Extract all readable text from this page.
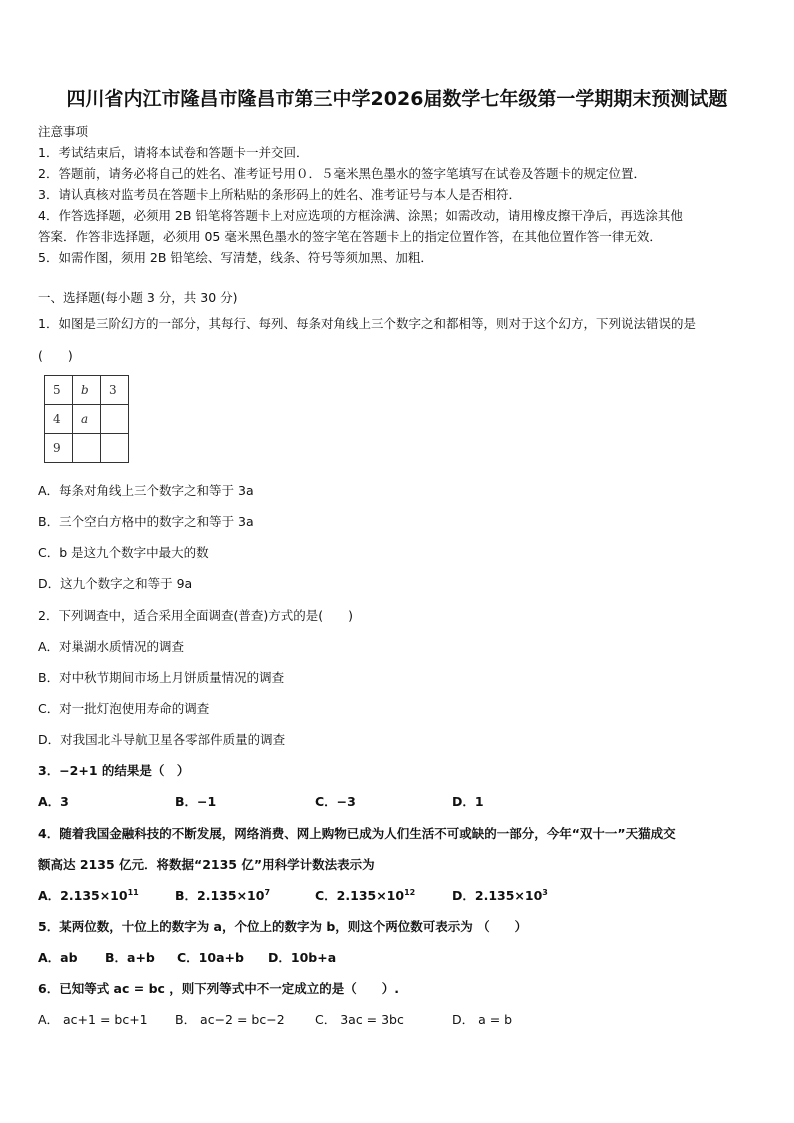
四川省内江市隆昌市隆昌市第三中学2026届数学七年级第一学期期末预测试题
注意事项
1．考试结束后，请将本试卷和答题卡一并交回．
2．答题前，请务必将自己的姓名、准考证号用０．５毫米黑色墨水的签字笔填写在试卷及答题卡的规定位置．
3．请认真核对监考员在答题卡上所粘贴的条形码上的姓名、准考证号与本人是否相符．
4．作答选择题，必须用 2B 铅笔将答题卡上对应选项的方框涂满、涂黑；如需改动，请用橡皮擦干净后，再选涂其他
答案．作答非选择题，必须用 05 毫米黑色墨水的签字笔在答题卡上的指定位置作答，在其他位置作答一律无效．
5．如需作图，须用 2B 铅笔绘、写清楚，线条、符号等须加黑、加粗．
一、选择题(每小题 3 分，共 30 分)
1．如图是三阶幻方的一部分，其每行、每列、每条对角线上三个数字之和都相等，则对于这个幻方，下列说法错误的是
(　　)
5	b	3
4	a	
9		
A．每条对角线上三个数字之和等于 3a
B．三个空白方格中的数字之和等于 3a
C．b 是这九个数字中最大的数
D．这九个数字之和等于 9a
2．下列调查中，适合采用全面调查(普查)方式的是(　　)
A．对巢湖水质情况的调查
B．对中秋节期间市场上月饼质量情况的调查
C．对一批灯泡使用寿命的调查
D．对我国北斗导航卫星各零部件质量的调查
3．−2+1 的结果是（　）
A．3	B．−1	C．−3	D．1
4．随着我国金融科技的不断发展，网络消费、网上购物已成为人们生活不可或缺的一部分，今年“双十一”天猫成交
额高达 2135 亿元．将数据“2135 亿”用科学计数法表示为
A．$2.135\times 10^{11}$	B．$2.135\times 10^7$	C．$2.135\times 10^{12}$	D．$2.135\times 10^3$
5．某两位数，十位上的数字为 a，个位上的数字为 b，则这个两位数可表示为 （　　）
A．ab B．a+b C．10a+b D．10b+a
6．已知等式 ac = bc ，则下列等式中不一定成立的是（　　）.
A． ac+1 = bc+1 B． ac−2 = bc−2 C． 3ac = 3bc	D． a = b
